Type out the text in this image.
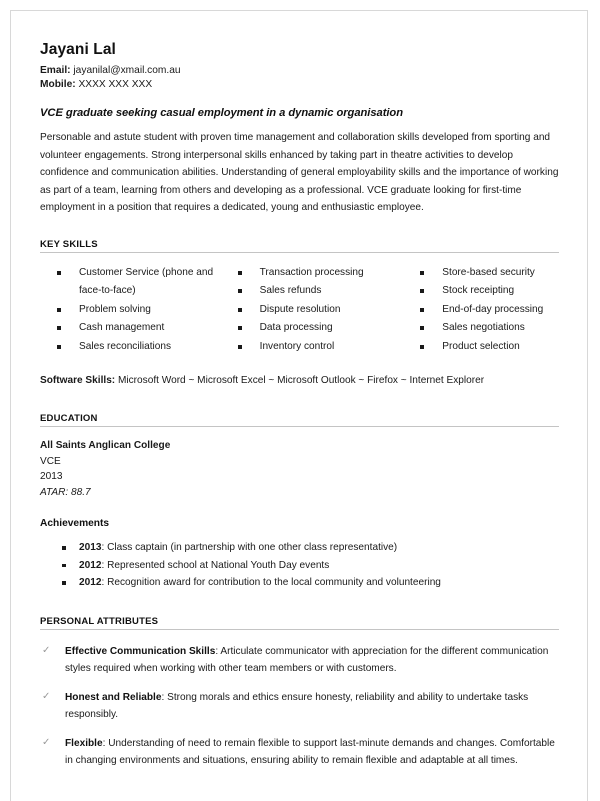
Jayani Lal
Email: jayanilal@xmail.com.au
Mobile: XXXX XXX XXX
VCE graduate seeking casual employment in a dynamic organisation

Personable and astute student with proven time management and collaboration skills developed from sporting and volunteer engagements. Strong interpersonal skills enhanced by taking part in theatre activities to develop confidence and communication abilities. Understanding of general employability skills and the importance of working as part of a team, learning from others and developing as a professional. VCE graduate looking for first-time employment in a position that requires a dedicated, young and enthusiastic employee.

KEY SKILLS
Customer Service (phone and face-to-face)
Problem solving
Cash management
Sales reconciliations
Transaction processing
Sales refunds
Dispute resolution
Data processing
Inventory control
Store-based security
Stock receipting
End-of-day processing
Sales negotiations
Product selection
Software Skills: Microsoft Word ~ Microsoft Excel ~ Microsoft Outlook ~ Firefox ~ Internet Explorer
EDUCATION
All Saints Anglican College
VCE
2013
ATAR: 88.7
Achievements
2013: Class captain (in partnership with one other class representative)
2012: Represented school at National Youth Day events
2012: Recognition award for contribution to the local community and volunteering
PERSONAL ATTRIBUTES
✓ Effective Communication Skills: Articulate communicator with appreciation for the different communication styles required when working with other team members or with customers.
✓ Honest and Reliable: Strong morals and ethics ensure honesty, reliability and ability to undertake tasks responsibly.
✓ Flexible: Understanding of need to remain flexible to support last-minute demands and changes. Comfortable in changing environments and situations, ensuring ability to remain flexible and adaptable at all times.
